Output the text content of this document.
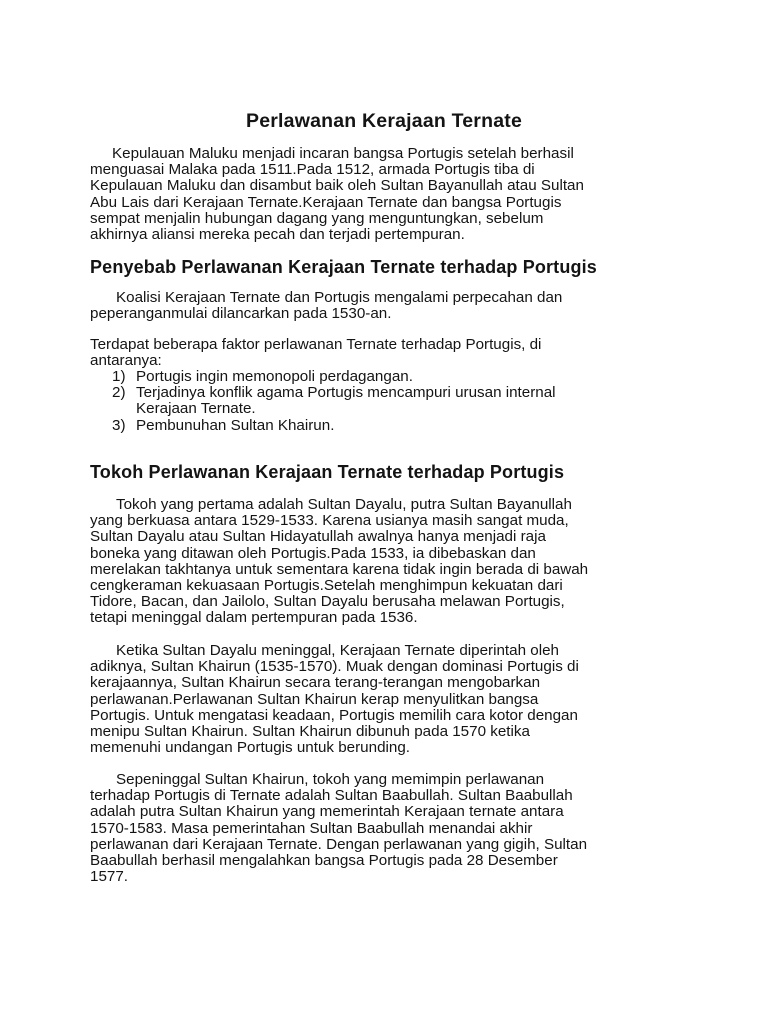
Perlawanan Kerajaan Ternate
Kepulauan Maluku menjadi incaran bangsa Portugis setelah berhasil
menguasai Malaka pada 1511.Pada 1512, armada Portugis tiba di
Kepulauan Maluku dan disambut baik oleh Sultan Bayanullah atau Sultan
Abu Lais dari Kerajaan Ternate.Kerajaan Ternate dan bangsa Portugis
sempat menjalin hubungan dagang yang menguntungkan, sebelum
akhirnya aliansi mereka pecah dan terjadi pertempuran.
Penyebab Perlawanan Kerajaan Ternate terhadap Portugis
Koalisi Kerajaan Ternate dan Portugis mengalami perpecahan dan
peperanganmulai dilancarkan pada 1530-an.
Terdapat beberapa faktor perlawanan Ternate terhadap Portugis, di
antaranya:
1) Portugis ingin memonopoli perdagangan.
2) Terjadinya konflik agama Portugis mencampuri urusan internal
Kerajaan Ternate.
3) Pembunuhan Sultan Khairun.
Tokoh Perlawanan Kerajaan Ternate terhadap Portugis
Tokoh yang pertama adalah Sultan Dayalu, putra Sultan Bayanullah
yang berkuasa antara 1529-1533. Karena usianya masih sangat muda,
Sultan Dayalu atau Sultan Hidayatullah awalnya hanya menjadi raja
boneka yang ditawan oleh Portugis.Pada 1533, ia dibebaskan dan
merelakan takhtanya untuk sementara karena tidak ingin berada di bawah
cengkeraman kekuasaan Portugis.Setelah menghimpun kekuatan dari
Tidore, Bacan, dan Jailolo, Sultan Dayalu berusaha melawan Portugis,
tetapi meninggal dalam pertempuran pada 1536.
Ketika Sultan Dayalu meninggal, Kerajaan Ternate diperintah oleh
adiknya, Sultan Khairun (1535-1570). Muak dengan dominasi Portugis di
kerajaannya, Sultan Khairun secara terang-terangan mengobarkan
perlawanan.Perlawanan Sultan Khairun kerap menyulitkan bangsa
Portugis. Untuk mengatasi keadaan, Portugis memilih cara kotor dengan
menipu Sultan Khairun. Sultan Khairun dibunuh pada 1570 ketika
memenuhi undangan Portugis untuk berunding.
Sepeninggal Sultan Khairun, tokoh yang memimpin perlawanan
terhadap Portugis di Ternate adalah Sultan Baabullah. Sultan Baabullah
adalah putra Sultan Khairun yang memerintah Kerajaan ternate antara
1570-1583. Masa pemerintahan Sultan Baabullah menandai akhir
perlawanan dari Kerajaan Ternate. Dengan perlawanan yang gigih, Sultan
Baabullah berhasil mengalahkan bangsa Portugis pada 28 Desember
1577.
